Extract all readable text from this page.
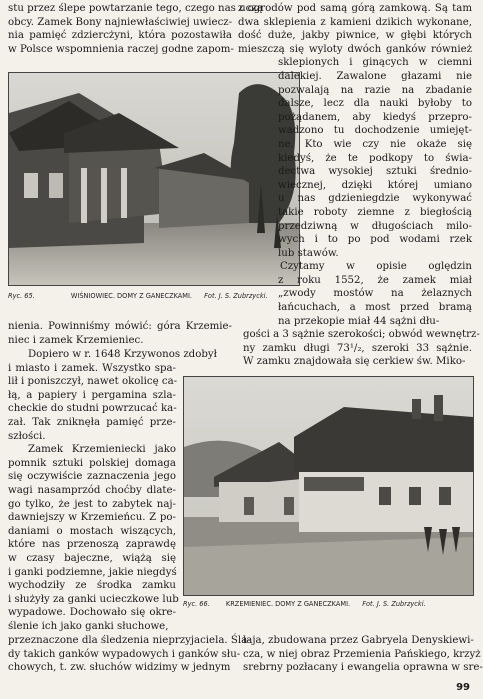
stu przez ślepe powtarzanie tego, czego nas uczą
obcy. Zamek Bony najniewłaściwiej uwiecz-
nia pamięć zdziercżyni, która pozostawiła
w Polsce wspomnienia raczej godne zapom-
Ryc. 65.	WIŚNIOWIEC. DOMY Z GANECZKAMI. Fot. J. S. Zubrzycki.
z ogrodów pod samą górą zamkową. Są tam
dwa sklepienia z kamieni dzikich wykonane,
dość duże, jakby piwnice, w głębi których
mieszczą się wyloty dwóch ganków również
sklepionych i ginących w ciemni
dalekiej. Zawalone głazami nie
pozwalają na razie na zbadanie
dalsze, lecz dla nauki byłoby to
pożądanem, aby kiedyś przepro-
wadzono tu dochodzenie umiejęt-
ne. Kto wie czy nie okaże się
kiedyś, że te podkopy to świa-
dectwa wysokiej sztuki średnio-
wiecznej, dzięki której umiano
u nas gdzieniegdzie wykonywać
takie roboty ziemne z biegłością
przedziwną w długościach milo-
wych i to po pod wodami rzek
lub stawów.
Czytamy w opisie oględzin
z roku 1552, że zamek miał
„zwody mostów na żelaznych
łańcuchach, a most przed bramą
na przekopie miał 44 sążni dłu-
nienia. Powinniśmy mówić: góra Krzemie-
niec i zamek Krzemieniec.
gości a 3 sążnie szerokości; obwód wewnętrz-
ny zamku długi 73¹/₂, szeroki 33 sążnie.
W zamku znajdowała się cerkiew św. Miko-
Dopiero w r. 1648 Krzywonos zdobył
i miasto i zamek. Wszystko spa-
lił i poniszczył, nawet okolicę ca-
łą, a papiery i pergamina szla-
checkie do studni powrzucać ka-
zał. Tak zniknęła pamięć prze-
szłości.
Zamek Krzemieniecki jako
pomnik sztuki polskiej domaga
się oczywiście zaznaczenia jego
wagi nasamprzód choćby dlate-
go tylko, że jest to zabytek naj-
dawniejszy w Krzemieńcu. Z po-
daniami o mostach wiszących,
które nas przenoszą zaprawdę
w czasy bajeczne, wiążą się
i ganki podziemne, jakie niegdyś
wychodziły ze środka zamku
i służyły za ganki ucieczkowe lub
wypadowe. Dochowało się okre-
ślenie ich jako ganki słuchowe,
Ryc. 66. KRZEMIENIEC. DOMY Z GANECZKAMI. Fot. J. S. Zubrzycki.
przeznaczone dla śledzenia nieprzyjaciela. Śla-
dy takich ganków wypadowych i ganków słu-
chowych, t. zw. słuchów widzimy w jednym
łaja, zbudowana przez Gabryela Denyskiewi-
cza, w niej obraz Przemienia Pańskiego, krzyż
srebrny pozłacany i ewangelia oprawna w sre-
99
